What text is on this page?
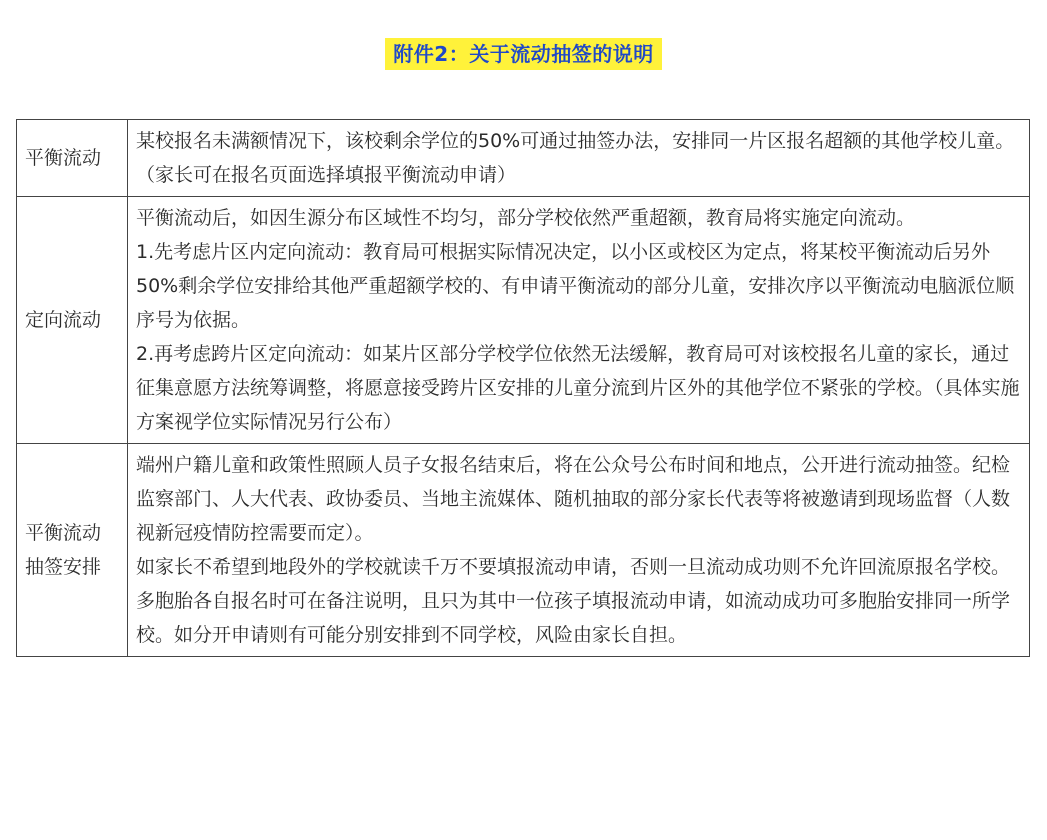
附件2：关于流动抽签的说明
平衡流动	某校报名未满额情况下，该校剩余学位的50%可通过抽签办法，安排同一片区报名超额的其他学校儿童。（家长可在报名页面选择填报平衡流动申请）

定向流动	平衡流动后，如因生源分布区域性不均匀，部分学校依然严重超额，教育局将实施定向流动。
1.先考虑片区内定向流动：教育局可根据实际情况决定，以小区或校区为定点，将某校平衡流动后另外50%剩余学位安排给其他严重超额学校的、有申请平衡流动的部分儿童，安排次序以平衡流动电脑派位顺序号为依据。
2.再考虑跨片区定向流动：如某片区部分学校学位依然无法缓解，教育局可对该校报名儿童的家长，通过征集意愿方法统筹调整，将愿意接受跨片区安排的儿童分流到片区外的其他学位不紧张的学校。（具体实施方案视学位实际情况另行公布）

平衡流动抽签安排	端州户籍儿童和政策性照顾人员子女报名结束后，将在公众号公布时间和地点，公开进行流动抽签。纪检监察部门、人大代表、政协委员、当地主流媒体、随机抽取的部分家长代表等将被邀请到现场监督（人数视新冠疫情防控需要而定）。
如家长不希望到地段外的学校就读千万不要填报流动申请，否则一旦流动成功则不允许回流原报名学校。多胞胎各自报名时可在备注说明，且只为其中一位孩子填报流动申请，如流动成功可多胞胎安排同一所学校。如分开申请则有可能分别安排到不同学校，风险由家长自担。
